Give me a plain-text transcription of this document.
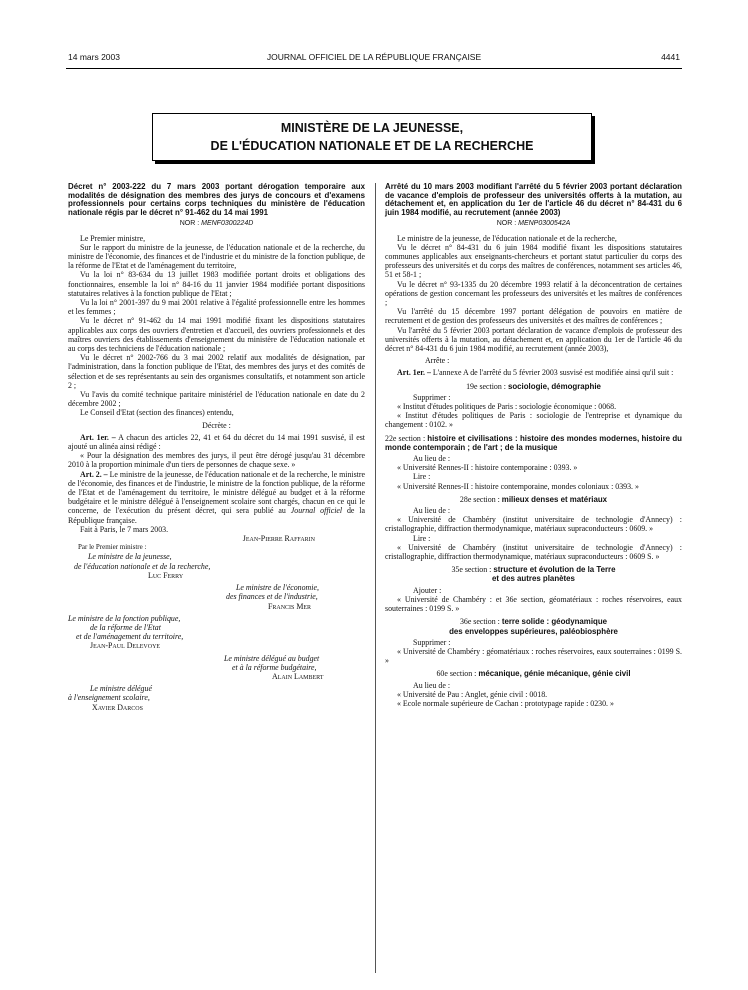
14 mars 2003	JOURNAL OFFICIEL DE LA RÉPUBLIQUE FRANÇAISE	4441
MINISTÈRE DE LA JEUNESSE,
DE L'ÉDUCATION NATIONALE ET DE LA RECHERCHE

Décret n° 2003-222 du 7 mars 2003 portant dérogation temporaire aux modalités de désignation des membres des jurys de concours et d'examens professionnels pour certains corps techniques du ministère de l'éducation nationale régis par le décret n° 91-462 du 14 mai 1991

NOR : MENF0300224D

Le Premier ministre,

Sur le rapport du ministre de la jeunesse, de l'éducation nationale et de la recherche, du ministre de l'économie, des finances et de l'industrie et du ministre de la fonction publique, de la réforme de l'Etat et de l'aménagement du territoire,

Vu la loi n° 83-634 du 13 juillet 1983 modifiée portant droits et obligations des fonctionnaires, ensemble la loi n° 84-16 du 11 janvier 1984 modifiée portant dispositions statutaires relatives à la fonction publique de l'Etat ;

Vu la loi n° 2001-397 du 9 mai 2001 relative à l'égalité professionnelle entre les hommes et les femmes ;

Vu le décret n° 91-462 du 14 mai 1991 modifié fixant les dispositions statutaires applicables aux corps des ouvriers d'entretien et d'accueil, des ouvriers professionnels et des maîtres ouvriers des établissements d'enseignement du ministère de l'éducation nationale et au corps des techniciens de l'éducation nationale ;

Vu le décret n° 2002-766 du 3 mai 2002 relatif aux modalités de désignation, par l'administration, dans la fonction publique de l'Etat, des membres des jurys et des comités de sélection et de ses représentants au sein des organismes consultatifs, et notamment son article 2 ;

Vu l'avis du comité technique paritaire ministériel de l'éducation nationale en date du 2 décembre 2002 ;

Le Conseil d'Etat (section des finances) entendu,

Décrète :

Art. 1er. – A chacun des articles 22, 41 et 64 du décret du 14 mai 1991 susvisé, il est ajouté un alinéa ainsi rédigé :

« Pour la désignation des membres des jurys, il peut être dérogé jusqu'au 31 décembre 2010 à la proportion minimale d'un tiers de personnes de chaque sexe. »

Art. 2. – Le ministre de la jeunesse, de l'éducation nationale et de la recherche, le ministre de l'économie, des finances et de l'industrie, le ministre de la fonction publique, de la réforme de l'Etat et de l'aménagement du territoire, le ministre délégué au budget et à la réforme budgétaire et le ministre délégué à l'enseignement scolaire sont chargés, chacun en ce qui le concerne, de l'exécution du présent décret, qui sera publié au Journal officiel de la République française.

Fait à Paris, le 7 mars 2003.

Jean-Pierre Raffarin
Par le Premier ministre :
Le ministre de la jeunesse,
de l'éducation nationale et de la recherche,
Luc Ferry
Le ministre de l'économie,
des finances et de l'industrie,
Francis Mer
Le ministre de la fonction publique,
de la réforme de l'Etat
et de l'aménagement du territoire,
Jean-Paul Delevoye
Le ministre délégué au budget
et à la réforme budgétaire,
Alain Lambert
Le ministre délégué
à l'enseignement scolaire,
Xavier Darcos

Arrêté du 10 mars 2003 modifiant l'arrêté du 5 février 2003 portant déclaration de vacance d'emplois de professeur des universités offerts à la mutation, au détachement et, en application du 1er de l'article 46 du décret n° 84-431 du 6 juin 1984 modifié, au recrutement (année 2003)

NOR : MENP0300542A

Le ministre de la jeunesse, de l'éducation nationale et de la recherche,

Vu le décret n° 84-431 du 6 juin 1984 modifié fixant les dispositions statutaires communes applicables aux enseignants-chercheurs et portant statut particulier du corps des professeurs des universités et du corps des maîtres de conférences, notamment ses articles 46, 51 et 58-1 ;

Vu le décret n° 93-1335 du 20 décembre 1993 relatif à la déconcentration de certaines opérations de gestion concernant les professeurs des universités et les maîtres de conférences ;

Vu l'arrêté du 15 décembre 1997 portant délégation de pouvoirs en matière de recrutement et de gestion des professeurs des universités et des maîtres de conférences ;

Vu l'arrêté du 5 février 2003 portant déclaration de vacance d'emplois de professeur des universités offerts à la mutation, au détachement et, en application du 1er de l'article 46 du décret n° 84-431 du 6 juin 1984 modifié, au recrutement (année 2003),

Arrête :

Art. 1er. – L'annexe A de l'arrêté du 5 février 2003 susvisé est modifiée ainsi qu'il suit :

19e section : sociologie, démographie

Supprimer :

« Institut d'études politiques de Paris : sociologie économique : 0068.

« Institut d'études politiques de Paris : sociologie de l'entreprise et dynamique du changement : 0102. »

22e section : histoire et civilisations : histoire des mondes modernes, histoire du monde contemporain ; de l'art ; de la musique

Au lieu de :

« Université Rennes-II : histoire contemporaine : 0393. »

Lire :

« Université Rennes-II : histoire contemporaine, mondes coloniaux : 0393. »

28e section : milieux denses et matériaux

Au lieu de :

« Université de Chambéry (institut universitaire de technologie d'Annecy) : cristallographie, diffraction thermodynamique, matériaux supraconducteurs : 0609. »

Lire :

« Université de Chambéry (institut universitaire de technologie d'Annecy) : cristallographie, diffraction thermodynamique, matériaux supraconducteurs : 0609 S. »

35e section : structure et évolution de la Terre
et des autres planètes

Ajouter :

« Université de Chambéry : et 36e section, géomatériaux : roches réservoires, eaux souterraines : 0199 S. »

36e section : terre solide : géodynamique
des enveloppes supérieures, paléobiosphère

Supprimer :

« Université de Chambéry : géomatériaux : roches réservoires, eaux souterraines : 0199 S. »

60e section : mécanique, génie mécanique, génie civil

Au lieu de :

« Université de Pau : Anglet, génie civil : 0018.

« Ecole normale supérieure de Cachan : prototypage rapide : 0230. »
